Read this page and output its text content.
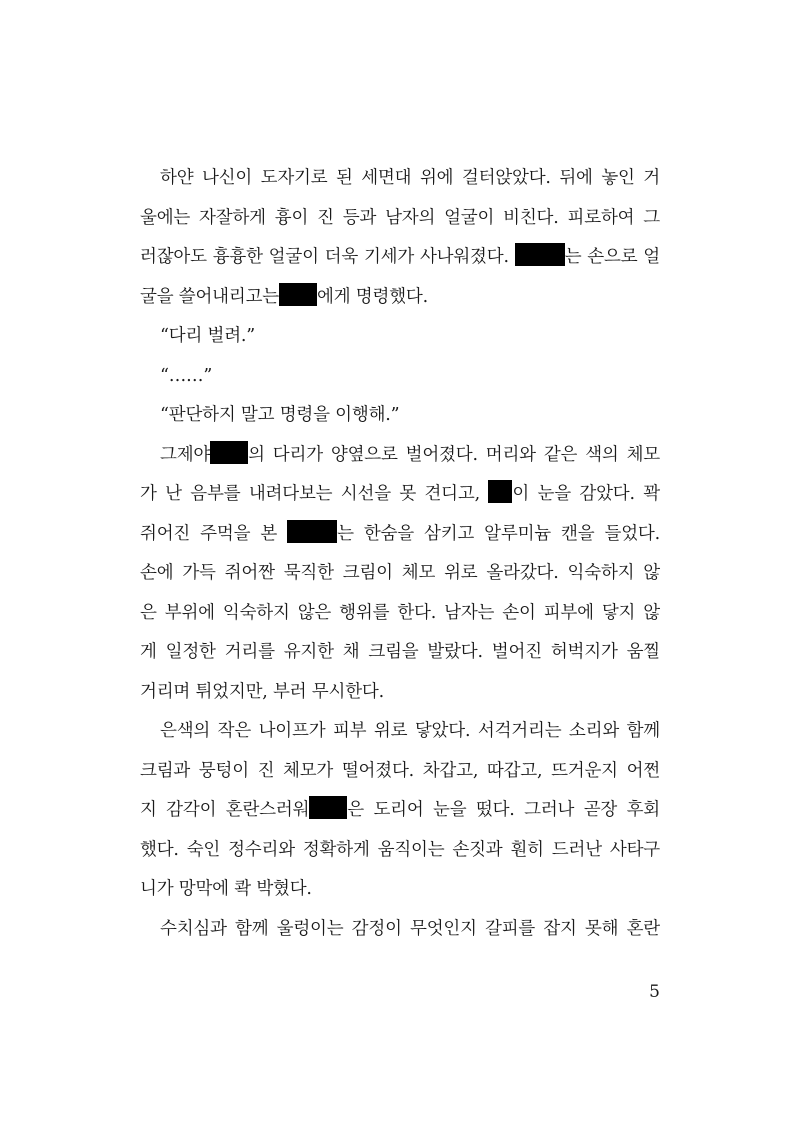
하얀 나신이 도자기로 된 세면대 위에 걸터앉았다. 뒤에 놓인 거
울에는 자잘하게 흉이 진 등과 남자의 얼굴이 비친다. 피로하여 그
러잖아도 흉흉한 얼굴이 더욱 기세가 사나워졌다.	는 손으로 얼
굴을 쓸어내리고는 에게 명령했다.
“다리 벌려.”
“……”
“판단하지 말고 명령을 이행해.”
그제야 의 다리가 양옆으로 벌어졌다. 머리와 같은 색의 체모
가 난 음부를 내려다보는 시선을 못 견디고, 이 눈을 감았다. 꽉
쥐어진 주먹을 본	는 한숨을 삼키고 알루미늄 캔을 들었다.
손에 가득 쥐어짠 묵직한 크림이 체모 위로 올라갔다. 익숙하지 않
은 부위에 익숙하지 않은 행위를 한다. 남자는 손이 피부에 닿지 않
게 일정한 거리를 유지한 채 크림을 발랐다. 벌어진 허벅지가 움찔
거리며 튀었지만, 부러 무시한다.
은색의 작은 나이프가 피부 위로 닿았다. 서걱거리는 소리와 함께
크림과 뭉텅이 진 체모가 떨어졌다. 차갑고, 따갑고, 뜨거운지 어쩐
지 감각이 혼란스러워 은 도리어 눈을 떴다. 그러나 곧장 후회
했다. 숙인 정수리와 정확하게 움직이는 손짓과 훤히 드러난 사타구
니가 망막에 콱 박혔다.
수치심과 함께 울렁이는 감정이 무엇인지 갈피를 잡지 못해 혼란
5
